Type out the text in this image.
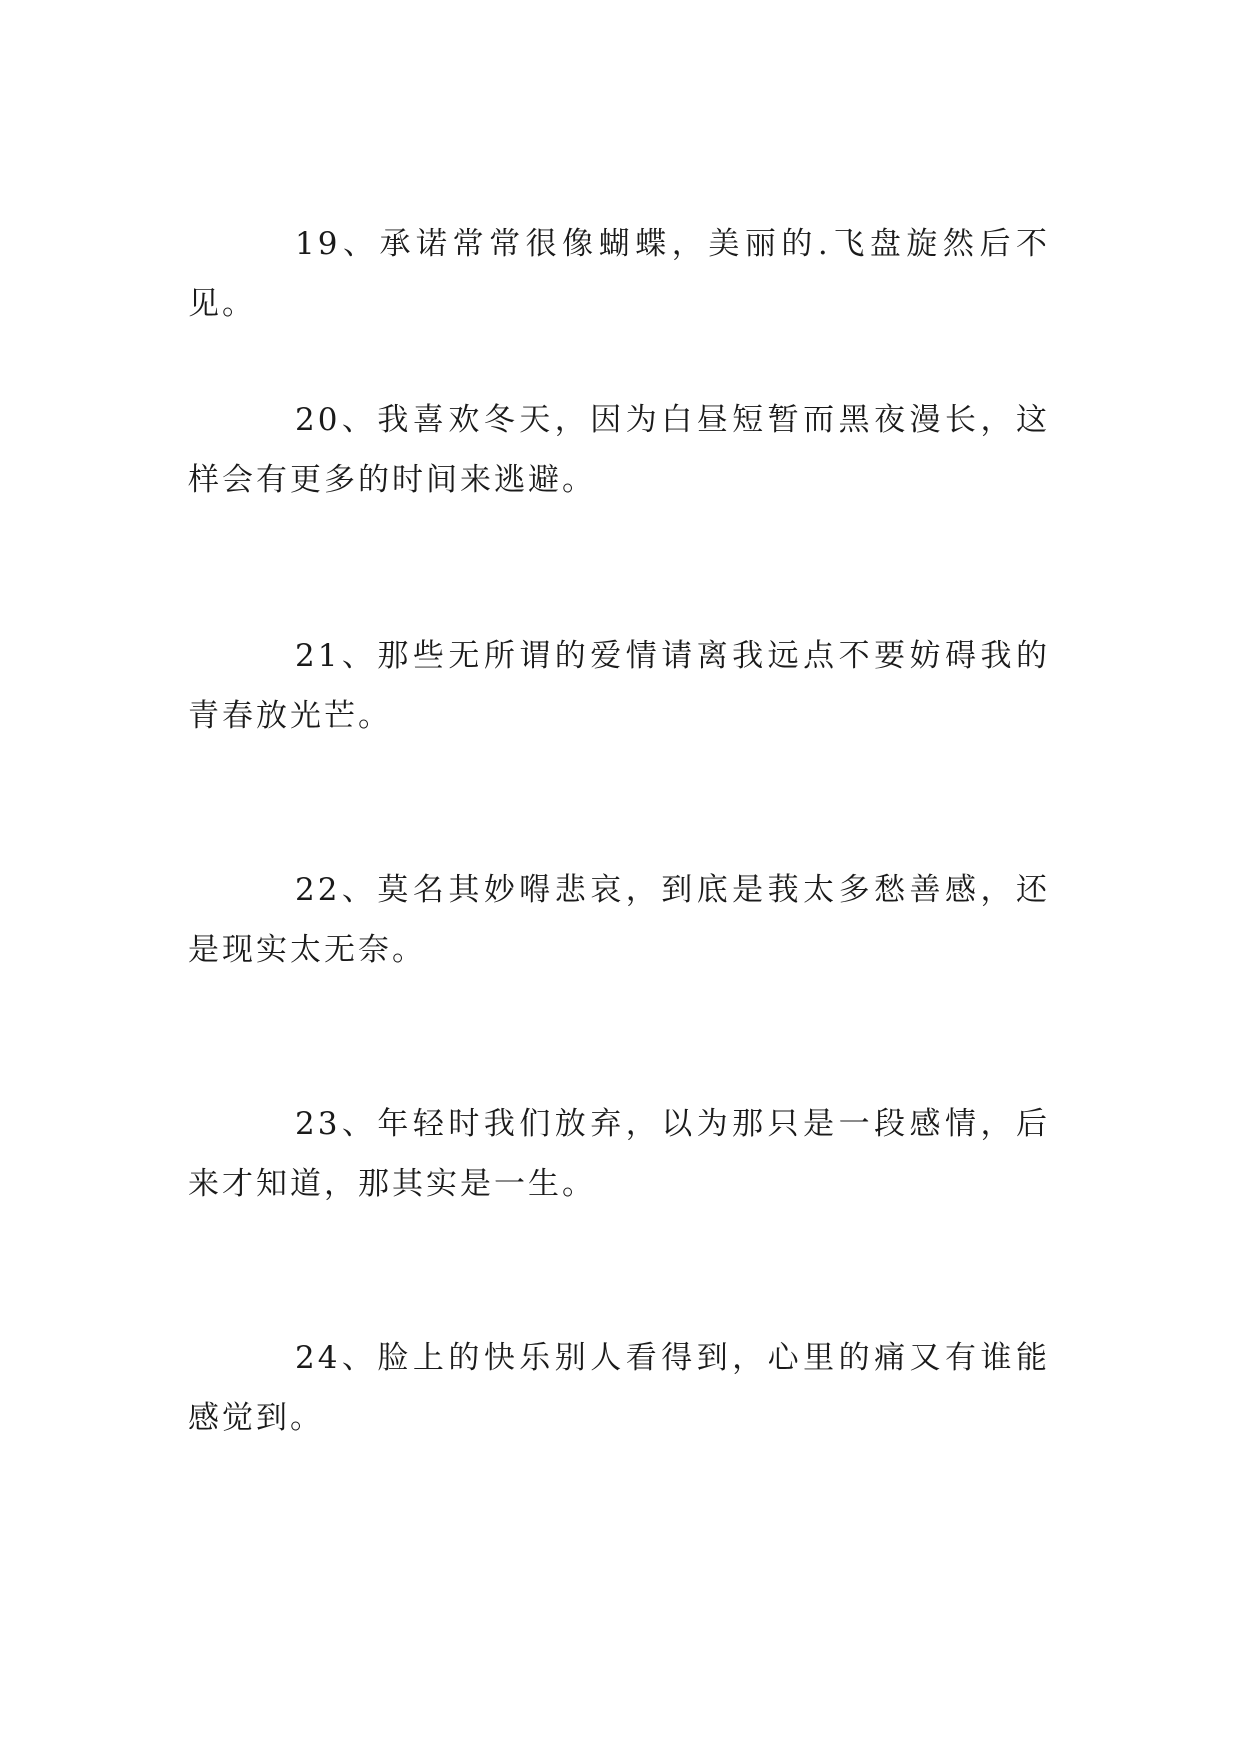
19、承诺常常很像蝴蝶，美丽的.飞盘旋然后不见。

20、我喜欢冬天，因为白昼短暂而黑夜漫长，这样会有更多的时间来逃避。

21、那些无所谓的爱情请离我远点不要妨碍我的青春放光芒。

22、莫名其妙嘚悲哀，到底是莪太多愁善感，还是现实太无奈。

23、年轻时我们放弃，以为那只是一段感情，后来才知道，那其实是一生。

24、脸上的快乐别人看得到，心里的痛又有谁能感觉到。
